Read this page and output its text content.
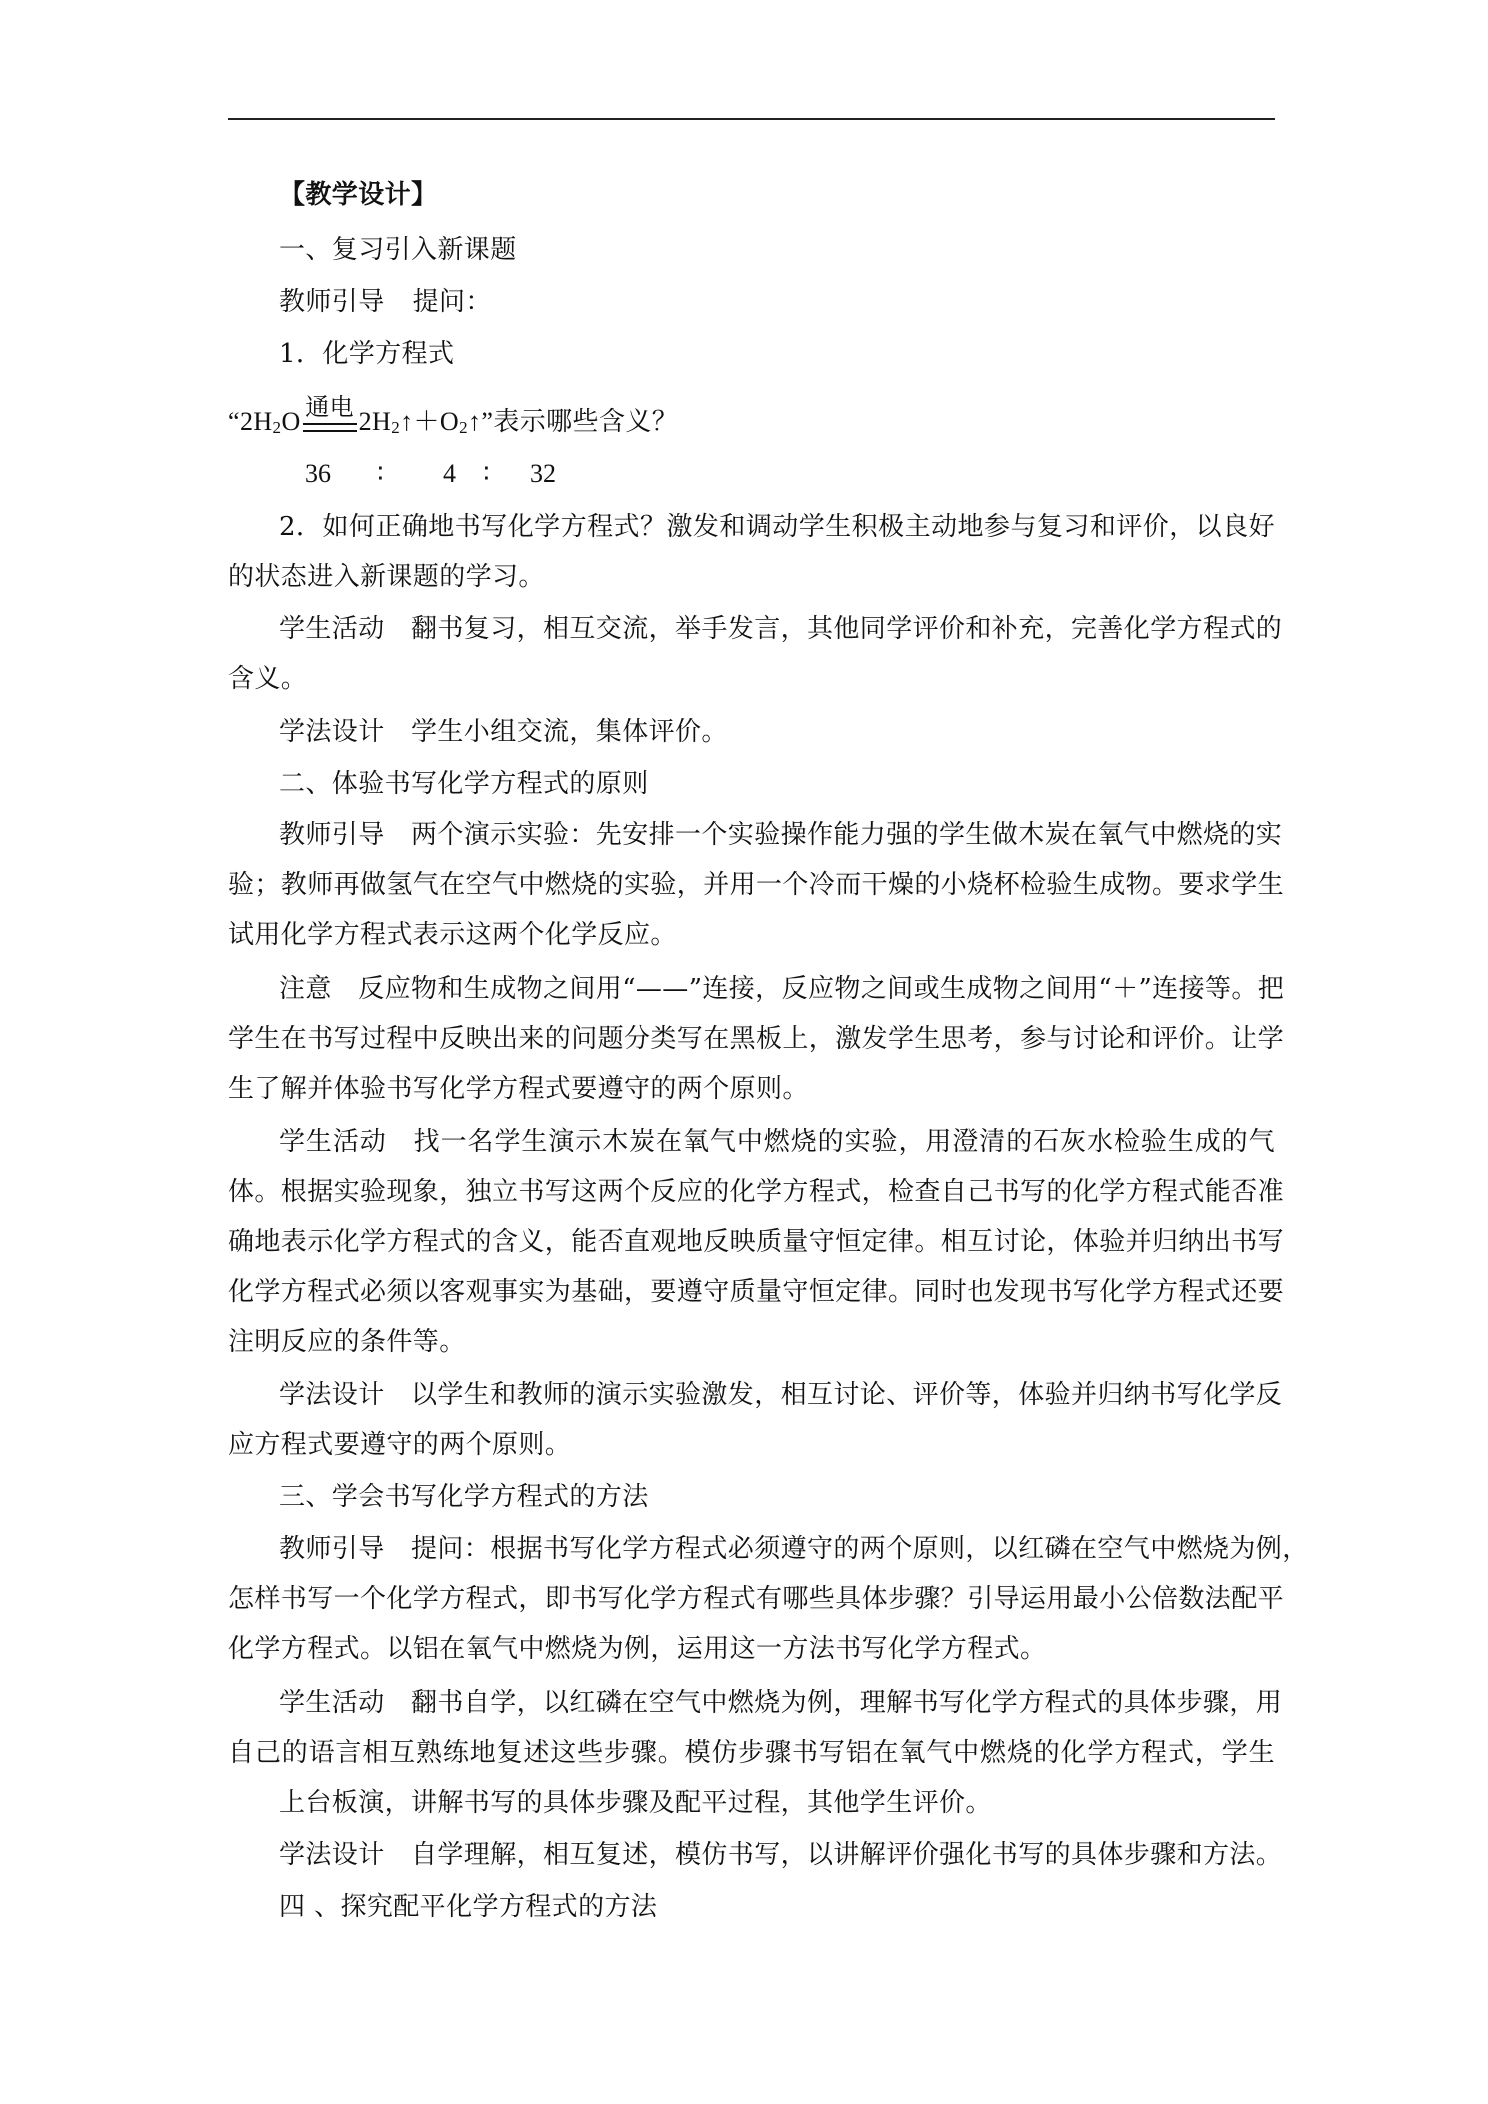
【教学设计】
一、复习引入新课题
教师引导 提问：
1．化学方程式
“$2H_2O$ 通电 $2H_2↑+O_2↑$”表示哪些含义？
36 ∶ 4 ∶ 32
2．如何正确地书写化学方程式？激发和调动学生积极主动地参与复习和评价，以良好
的状态进入新课题的学习。
学生活动　翻书复习，相互交流，举手发言，其他同学评价和补充，完善化学方程式的
含义。
学法设计　学生小组交流，集体评价。
二、体验书写化学方程式的原则
教师引导　两个演示实验：先安排一个实验操作能力强的学生做木炭在氧气中燃烧的实
验；教师再做氢气在空气中燃烧的实验，并用一个冷而干燥的小烧杯检验生成物。要求学生
试用化学方程式表示这两个化学反应。
注意　反应物和生成物之间用“——”连接，反应物之间或生成物之间用“＋”连接等。把
学生在书写过程中反映出来的问题分类写在黑板上，激发学生思考，参与讨论和评价。让学
生了解并体验书写化学方程式要遵守的两个原则。
学生活动　找一名学生演示木炭在氧气中燃烧的实验，用澄清的石灰水检验生成的气
体。根据实验现象，独立书写这两个反应的化学方程式，检查自己书写的化学方程式能否准
确地表示化学方程式的含义，能否直观地反映质量守恒定律。相互讨论，体验并归纳出书写
化学方程式必须以客观事实为基础，要遵守质量守恒定律。同时也发现书写化学方程式还要
注明反应的条件等。
学法设计　以学生和教师的演示实验激发，相互讨论、评价等，体验并归纳书写化学反
应方程式要遵守的两个原则。
三、学会书写化学方程式的方法
教师引导　提问：根据书写化学方程式必须遵守的两个原则，以红磷在空气中燃烧为例，
怎样书写一个化学方程式，即书写化学方程式有哪些具体步骤？引导运用最小公倍数法配平
化学方程式。以铝在氧气中燃烧为例，运用这一方法书写化学方程式。
学生活动　翻书自学，以红磷在空气中燃烧为例，理解书写化学方程式的具体步骤，用
自己的语言相互熟练地复述这些步骤。模仿步骤书写铝在氧气中燃烧的化学方程式，学生
上台板演，讲解书写的具体步骤及配平过程，其他学生评价。
学法设计　自学理解，相互复述，模仿书写，以讲解评价强化书写的具体步骤和方法。
四 、探究配平化学方程式的方法
